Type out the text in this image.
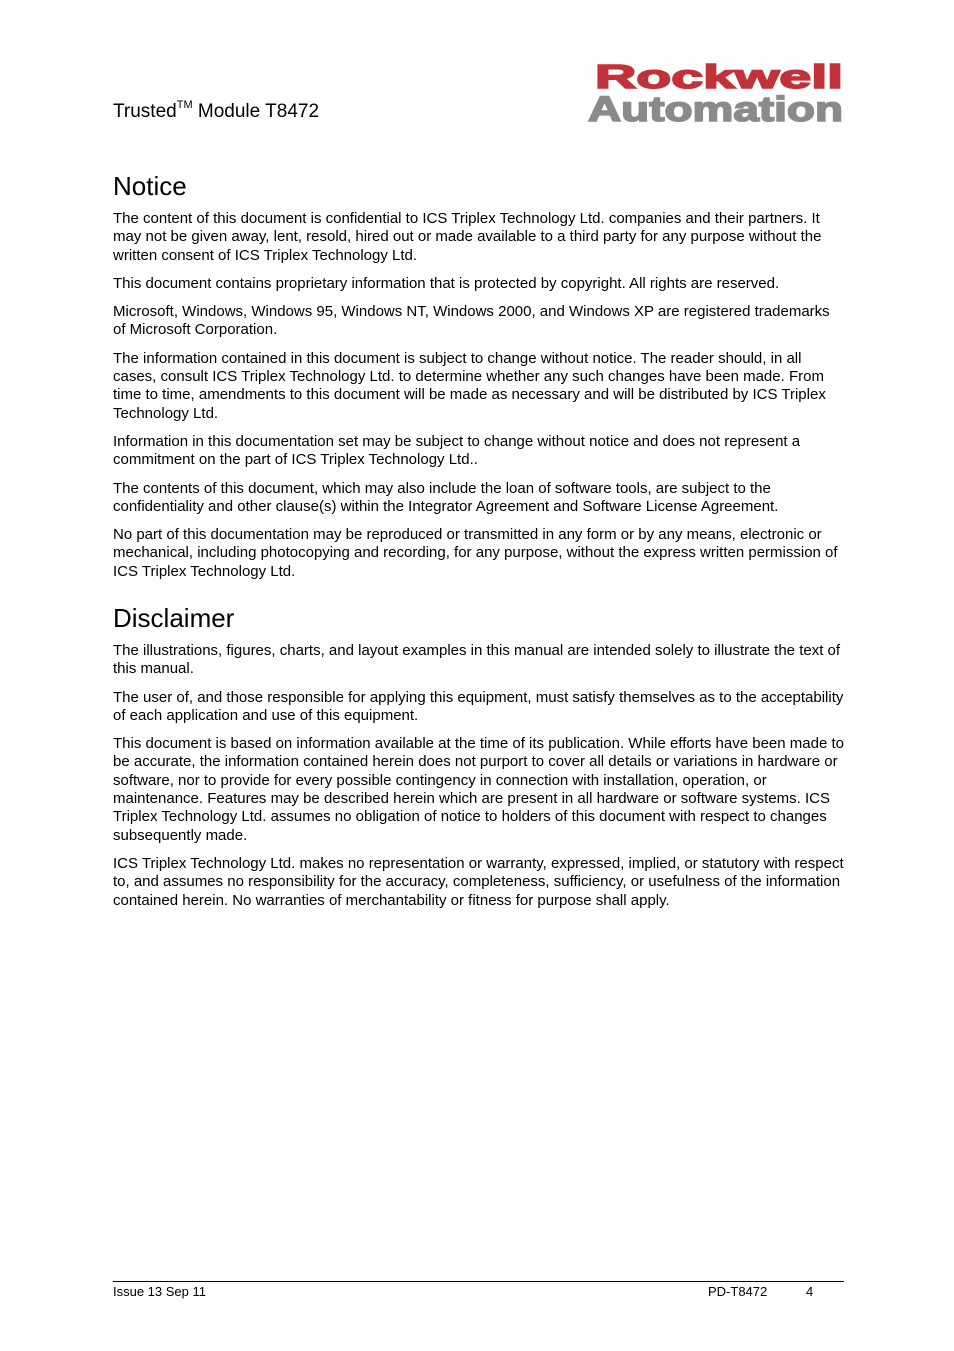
Trusted™ Module T8472
Rockwell
Automation
Notice

The content of this document is confidential to ICS Triplex Technology Ltd. companies and their partners. It may not be given away, lent, resold, hired out or made available to a third party for any purpose without the written consent of ICS Triplex Technology Ltd.

This document contains proprietary information that is protected by copyright. All rights are reserved.

Microsoft, Windows, Windows 95, Windows NT, Windows 2000, and Windows XP are registered trademarks of Microsoft Corporation.

The information contained in this document is subject to change without notice. The reader should, in all cases, consult ICS Triplex Technology Ltd. to determine whether any such changes have been made. From time to time, amendments to this document will be made as necessary and will be distributed by ICS Triplex Technology Ltd.

Information in this documentation set may be subject to change without notice and does not represent a commitment on the part of ICS Triplex Technology Ltd..

The contents of this document, which may also include the loan of software tools, are subject to the confidentiality and other clause(s) within the Integrator Agreement and Software License Agreement.

No part of this documentation may be reproduced or transmitted in any form or by any means, electronic or mechanical, including photocopying and recording, for any purpose, without the express written permission of ICS Triplex Technology Ltd.

Disclaimer

The illustrations, figures, charts, and layout examples in this manual are intended solely to illustrate the text of this manual.

The user of, and those responsible for applying this equipment, must satisfy themselves as to the acceptability of each application and use of this equipment.

This document is based on information available at the time of its publication. While efforts have been made to be accurate, the information contained herein does not purport to cover all details or variations in hardware or software, nor to provide for every possible contingency in connection with installation, operation, or maintenance. Features may be described herein which are present in all hardware or software systems. ICS Triplex Technology Ltd. assumes no obligation of notice to holders of this document with respect to changes subsequently made.

ICS Triplex Technology Ltd. makes no representation or warranty, expressed, implied, or statutory with respect to, and assumes no responsibility for the accuracy, completeness, sufficiency, or usefulness of the information contained herein. No warranties of merchantability or fitness for purpose shall apply.

Issue 13 Sep 11	PD-T8472	4
